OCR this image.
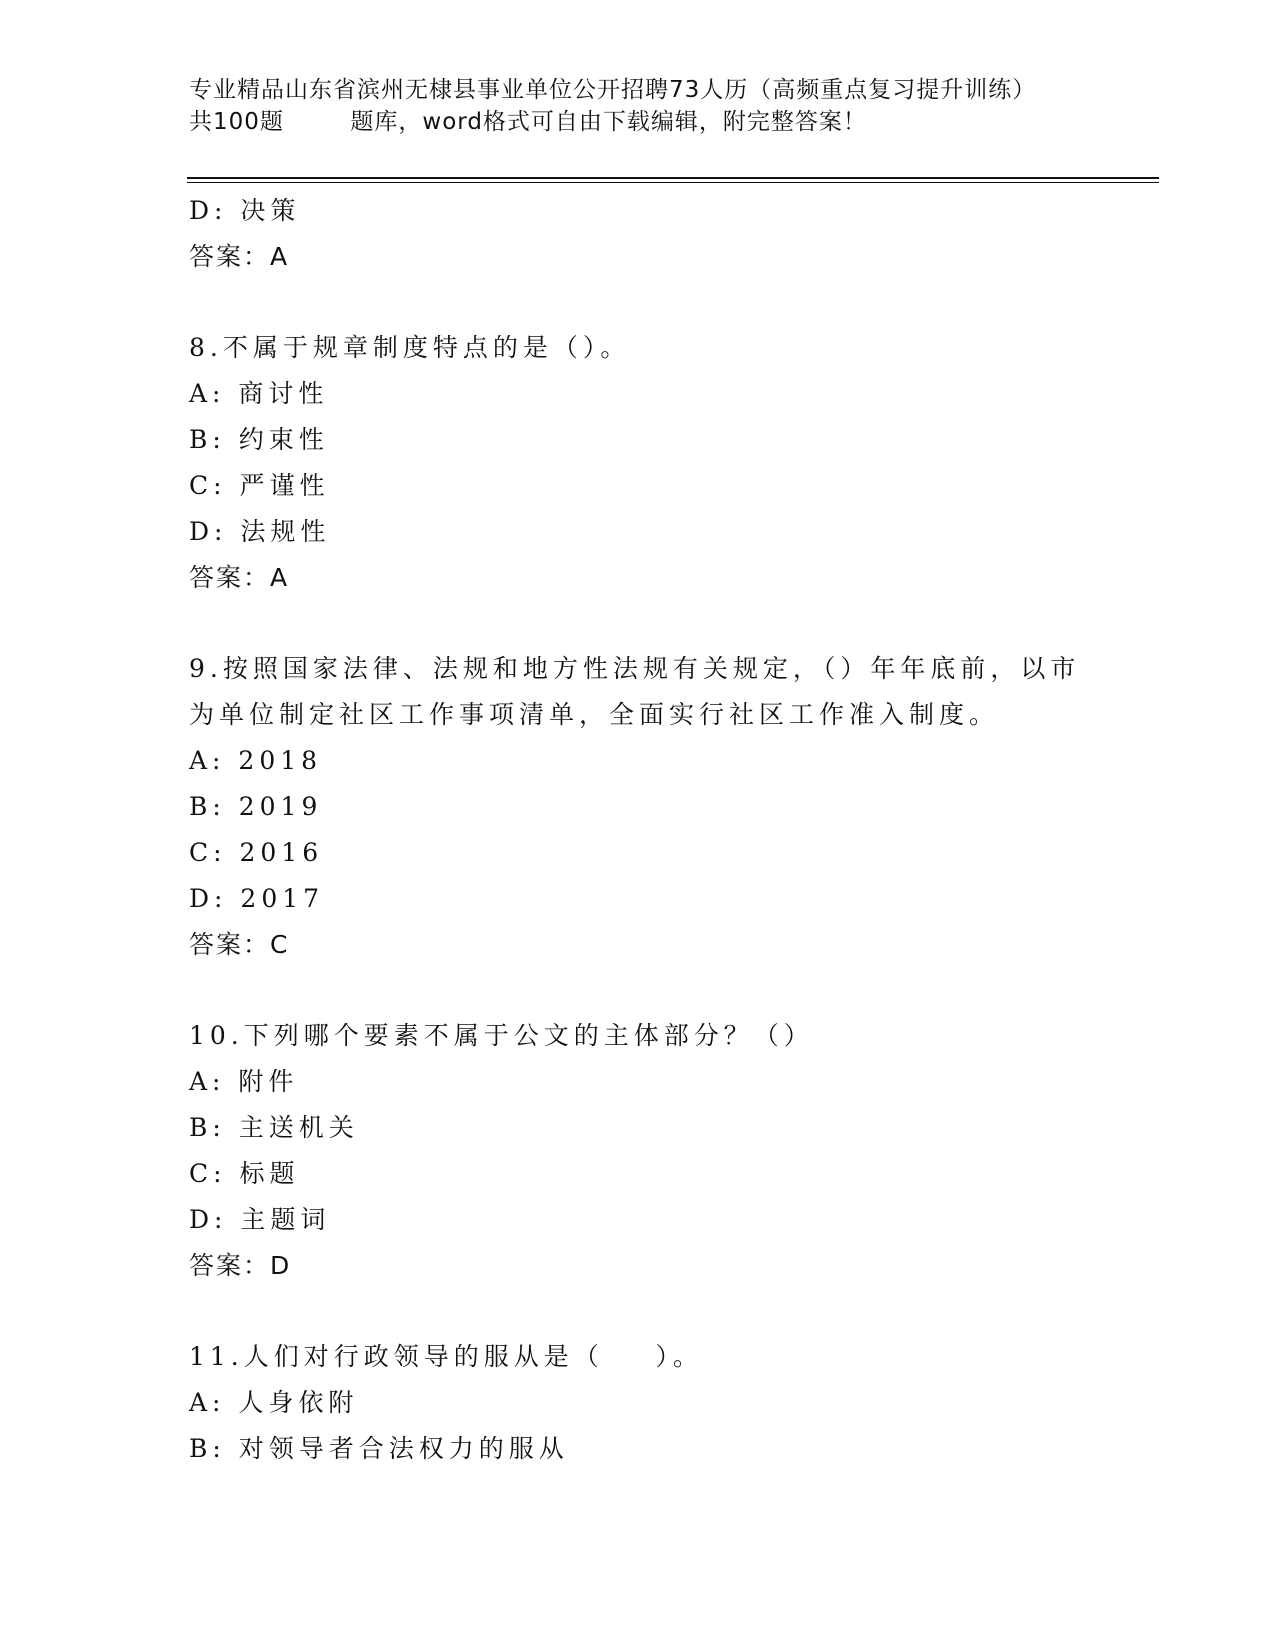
专业精品山东省滨州无棣县事业单位公开招聘73人历（高频重点复习提升训练）
共100题        题库，word格式可自由下载编辑，附完整答案！
D: 决策
答案：A
8.不属于规章制度特点的是（）。
A: 商讨性
B: 约束性
C: 严谨性
D: 法规性
答案：A
9.按照国家法律、法规和地方性法规有关规定，（）年年底前，以市
为单位制定社区工作事项清单，全面实行社区工作准入制度。
A: 2018
B: 2019
C: 2016
D: 2017
答案：C
10.下列哪个要素不属于公文的主体部分？（）
A: 附件
B: 主送机关
C: 标题
D: 主题词
答案：D
11.人们对行政领导的服从是（    ）。
A: 人身依附
B: 对领导者合法权力的服从
